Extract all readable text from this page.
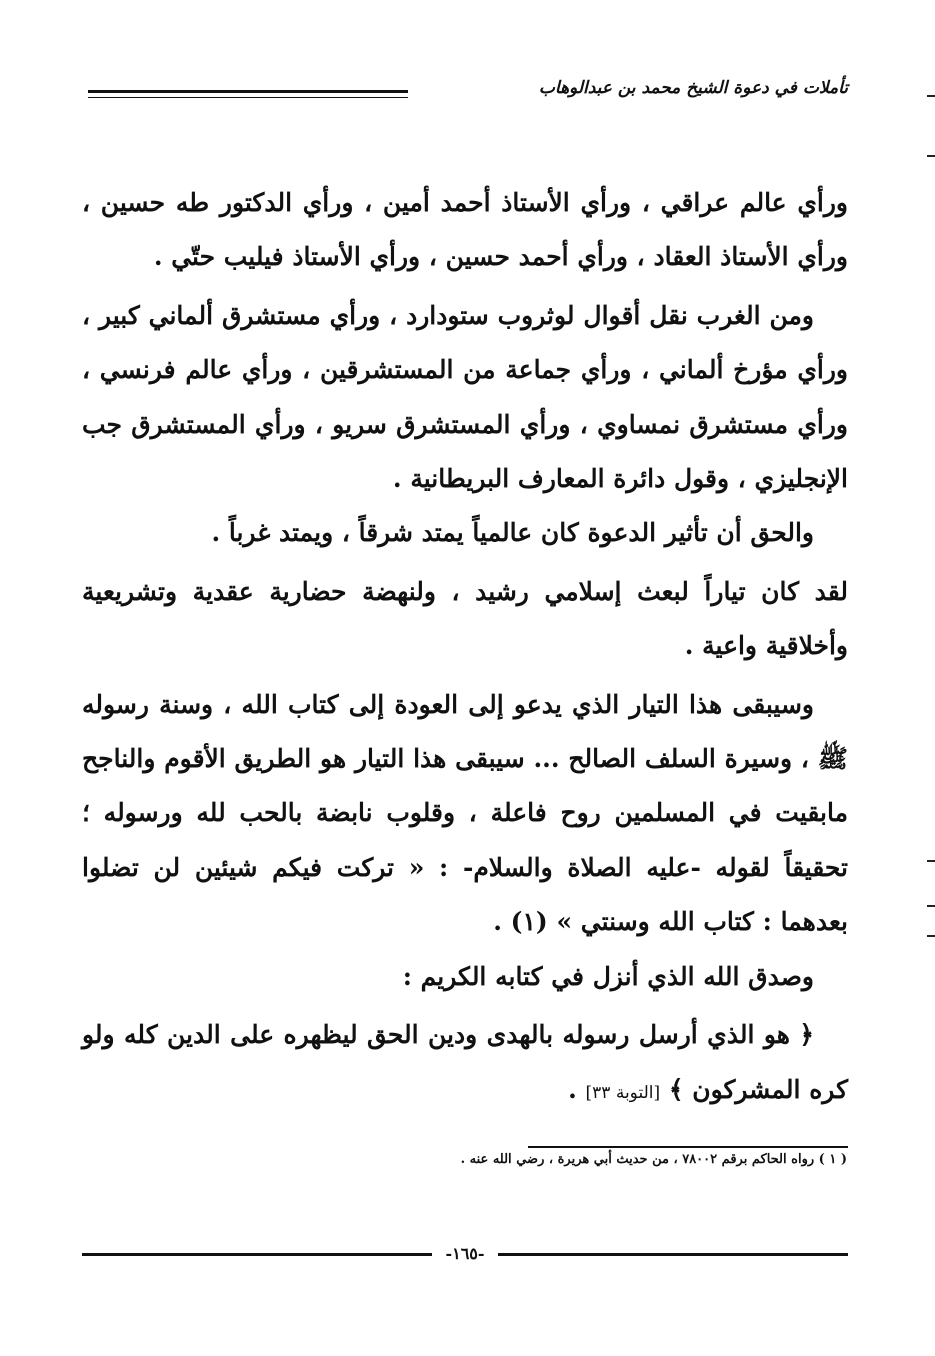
تأملات في دعوة الشيخ محمد بن عبدالوهاب

ورأي عالم عراقي ، ورأي الأستاذ أحمد أمين ، ورأي الدكتور طه حسين ، ورأي الأستاذ العقاد ، ورأي أحمد حسين ، ورأي الأستاذ فيليب حتّي .

ومن الغرب نقل أقوال لوثروب ستودارد ، ورأي مستشرق ألماني كبير ، ورأي مؤرخ ألماني ، ورأي جماعة من المستشرقين ، ورأي عالم فرنسي ، ورأي مستشرق نمساوي ، ورأي المستشرق سريو ، ورأي المستشرق جب الإنجليزي ، وقول دائرة المعارف البريطانية .

والحق أن تأثير الدعوة كان عالمياً يمتد شرقاً ، ويمتد غرباً .

لقد كان تياراً لبعث إسلامي رشيد ، ولنهضة حضارية عقدية وتشريعية وأخلاقية واعية .

وسيبقى هذا التيار الذي يدعو إلى العودة إلى كتاب الله ، وسنة رسوله ﷺ ، وسيرة السلف الصالح ... سيبقى هذا التيار هو الطريق الأقوم والناجح مابقيت في المسلمين روح فاعلة ، وقلوب نابضة بالحب لله ورسوله ؛ تحقيقاً لقوله -عليه الصلاة والسلام- : « تركت فيكم شيئين لن تضلوا بعدهما : كتاب الله وسنتي » (١) .

وصدق الله الذي أنزل في كتابه الكريم :

﴿ هو الذي أرسل رسوله بالهدى ودين الحق ليظهره على الدين كله ولو كره المشركون ﴾ [التوبة ٣٣] .

( ١ ) رواه الحاكم برقم ٧٨٠٠٢ ، من حديث أبي هريرة ، رضي الله عنه .
-١٦٥-
